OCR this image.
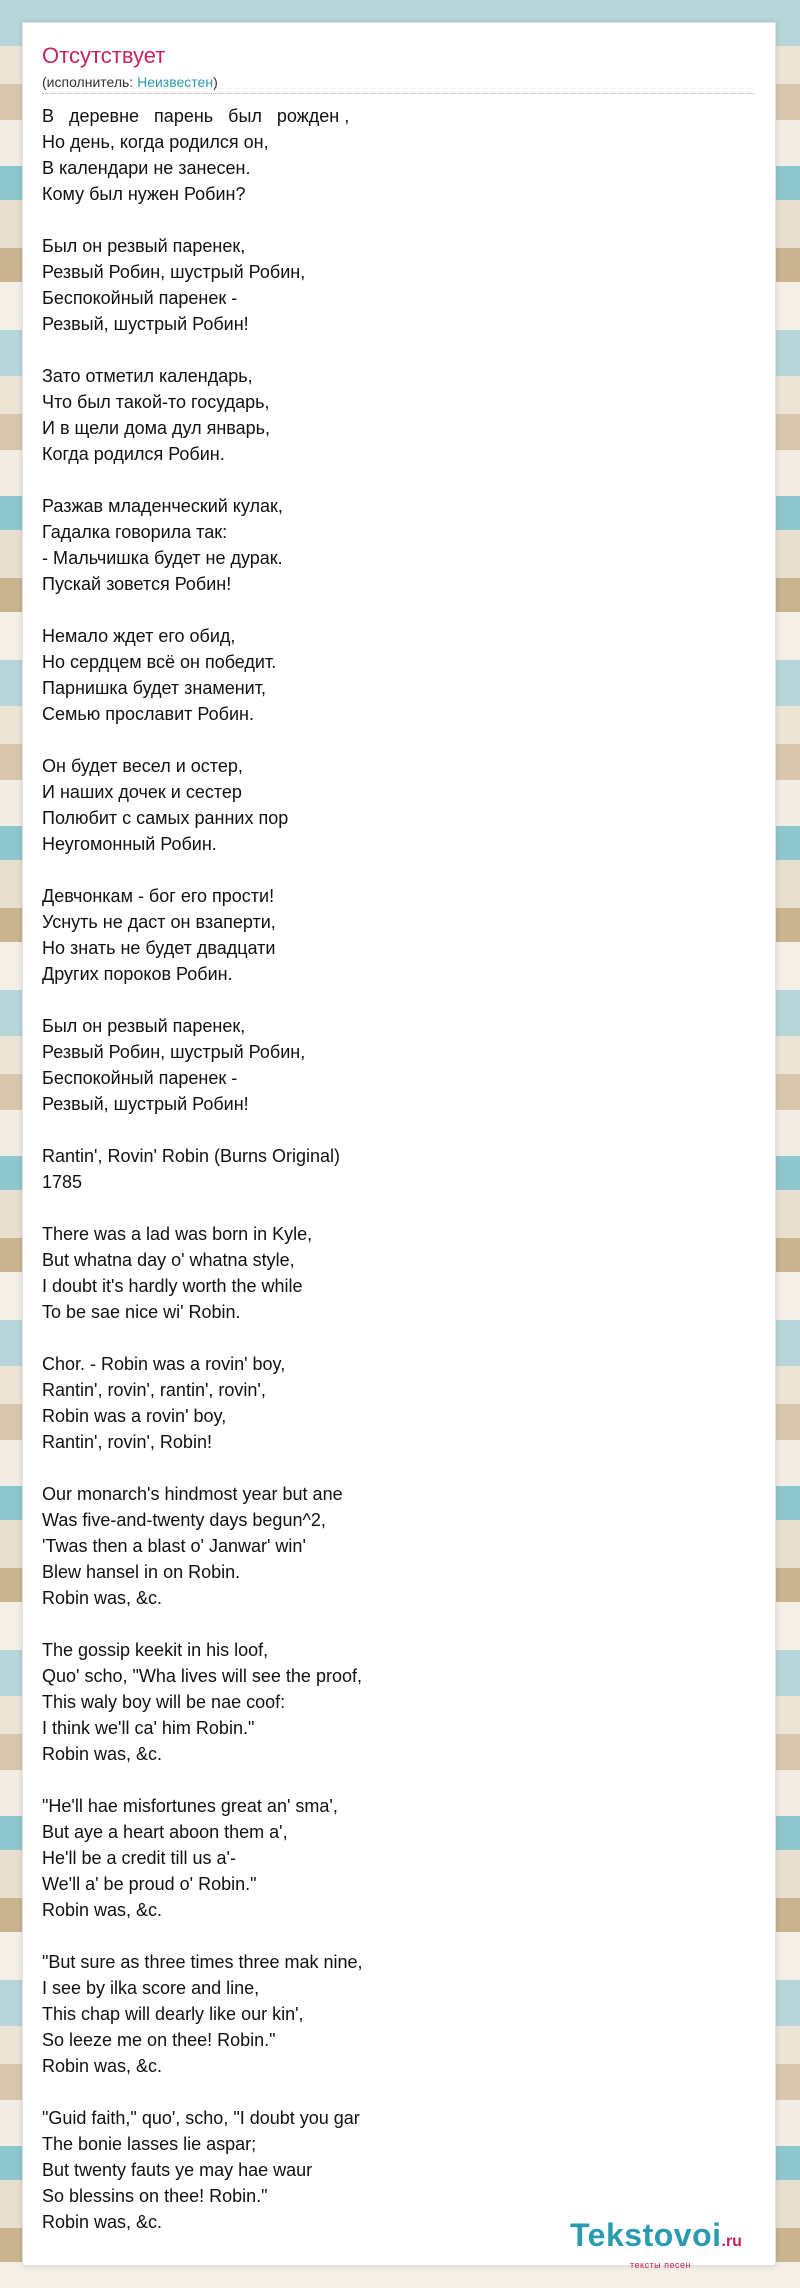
Отсутствует
(исполнитель: Неизвестен)
В   деревне   парень   был   рожден ,
Но день, когда родился он,
В календари не занесен.
Кому был нужен Робин?

Был он резвый паренек,
Резвый Робин, шустрый Робин,
Беспокойный паренек -
Резвый, шустрый Робин!

Зато отметил календарь,
Что был такой-то государь,
И в щели дома дул январь,
Когда родился Робин.

Разжав младенческий кулак,
Гадалка говорила так:
- Мальчишка будет не дурак.
Пускай зовется Робин!

Немало ждет его обид,
Но сердцем всё он победит.
Парнишка будет знаменит,
Семью прославит Робин.

Он будет весел и остер,
И наших дочек и сестер
Полюбит с самых ранних пор
Неугомонный Робин.

Девчонкам - бог его прости!
Уснуть не даст он взаперти,
Но знать не будет двадцати
Других пороков Робин.

Был он резвый паренек,
Резвый Робин, шустрый Робин,
Беспокойный паренек -
Резвый, шустрый Робин!

Rantin', Rovin' Robin (Burns Original)
1785

There was a lad was born in Kyle,
But whatna day o' whatna style,
I doubt it's hardly worth the while
To be sae nice wi' Robin.

Chor. - Robin was a rovin' boy,
Rantin', rovin', rantin', rovin',
Robin was a rovin' boy,
Rantin', rovin', Robin!

Our monarch's hindmost year but ane
Was five-and-twenty days begun^2,
'Twas then a blast o' Janwar' win'
Blew hansel in on Robin.
Robin was, &c.

The gossip keekit in his loof,
Quo' scho, "Wha lives will see the proof,
This waly boy will be nae coof:
I think we'll ca' him Robin."
Robin was, &c.

"He'll hae misfortunes great an' sma',
But aye a heart aboon them a',
He'll be a credit till us a'-
We'll a' be proud o' Robin."
Robin was, &c.

"But sure as three times three mak nine,
I see by ilka score and line,
This chap will dearly like our kin',
So leeze me on thee! Robin."
Robin was, &c.

"Guid faith," quo', scho, "I doubt you gar
The bonie lasses lie aspar;
But twenty fauts ye may hae waur
So blessins on thee! Robin."
Robin was, &c.	Tekstovoi.ru
тексты песен
